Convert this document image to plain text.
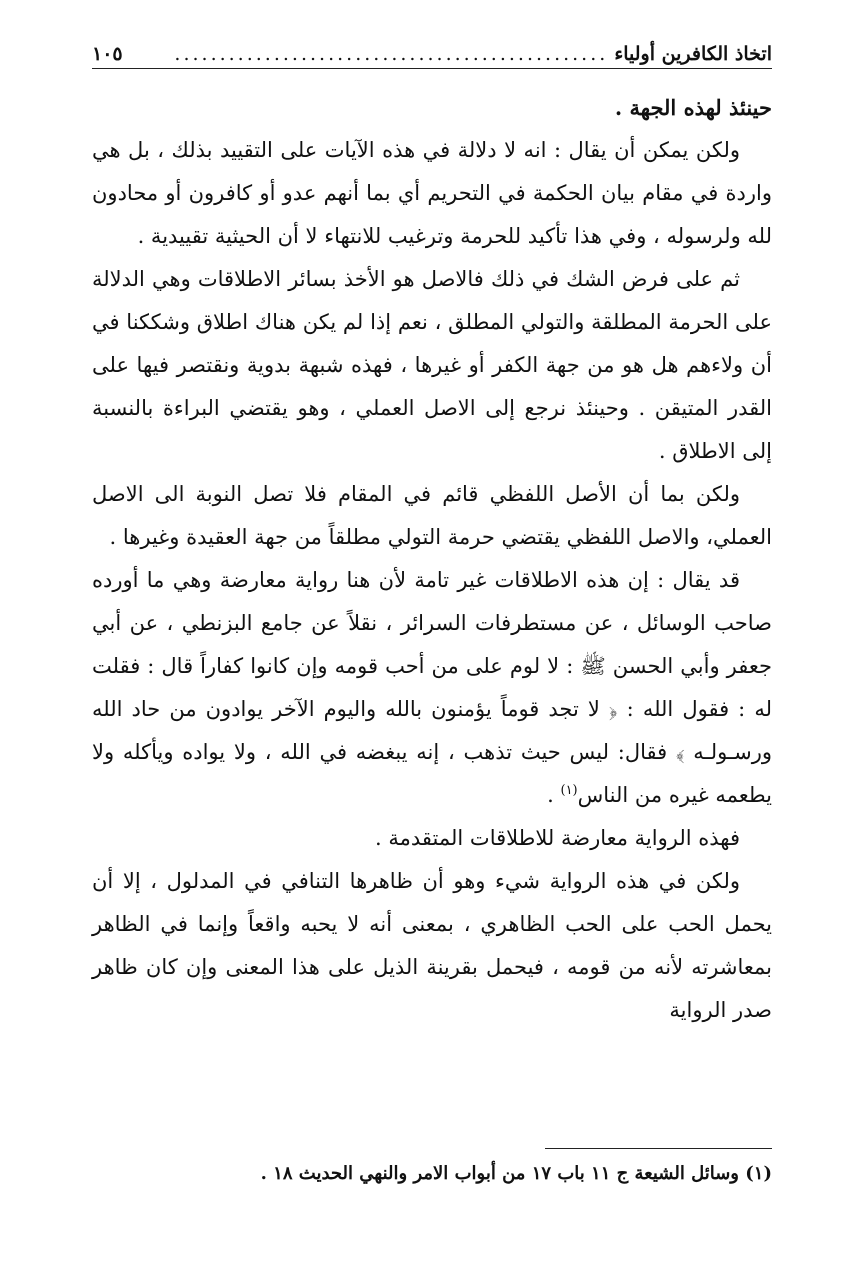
اتخاذ الكافرين أولياء
................................................
١٠٥

حينئذ لهذه الجهة .

ولكن يمكن أن يقال : انه لا دلالة في هذه الآيات على التقييد بذلك ، بل هي واردة في مقام بيان الحكمة في التحريم أي بما أنهم عدو أو كافرون أو محادون لله ولرسوله ، وفي هذا تأكيد للحرمة وترغيب للانتهاء لا أن الحيثية تقييدية .

ثم على فرض الشك في ذلك فالاصل هو الأخذ بسائر الاطلاقات وهي الدلالة على الحرمة المطلقة والتولي المطلق ، نعم إذا لم يكن هناك اطلاق وشككنا في أن ولاءهم هل هو من جهة الكفر أو غيرها ، فهذه شبهة بدوية ونقتصر فيها على القدر المتيقن . وحينئذ نرجع إلى الاصل العملي ، وهو يقتضي البراءة بالنسبة إلى الاطلاق .

ولكن بما أن الأصل اللفظي قائم في المقام فلا تصل النوبة الى الاصل العملي، والاصل اللفظي يقتضي حرمة التولي مطلقاً من جهة العقيدة وغيرها .

قد يقال : إن هذه الاطلاقات غير تامة لأن هنا رواية معارضة وهي ما أورده صاحب الوسائل ، عن مستطرفات السرائر ، نقلاً عن جامع البزنطي ، عن أبي جعفر وأبي الحسن ﷺ : لا لوم على من أحب قومه وإن كانوا كفاراً قال : فقلت له : فقول الله : ﴿ لا تجد قوماً يؤمنون بالله واليوم الآخر يوادون من حاد الله ورسـولـه ﴾ فقال: ليس حيث تذهب ، إنه يبغضه في الله ، ولا يواده ويأكله ولا يطعمه غيره من الناس$^{(١)}$ .

فهذه الرواية معارضة للاطلاقات المتقدمة .

ولكن في هذه الرواية شيء وهو أن ظاهرها التنافي في المدلول ، إلا أن يحمل الحب على الحب الظاهري ، بمعنى أنه لا يحبه واقعاً وإنما في الظاهر بمعاشرته لأنه من قومه ، فيحمل بقرينة الذيل على هذا المعنى وإن كان ظاهر صدر الرواية

(١) وسائل الشيعة ج ١١ باب ١٧ من أبواب الامر والنهي الحديث ١٨ .
